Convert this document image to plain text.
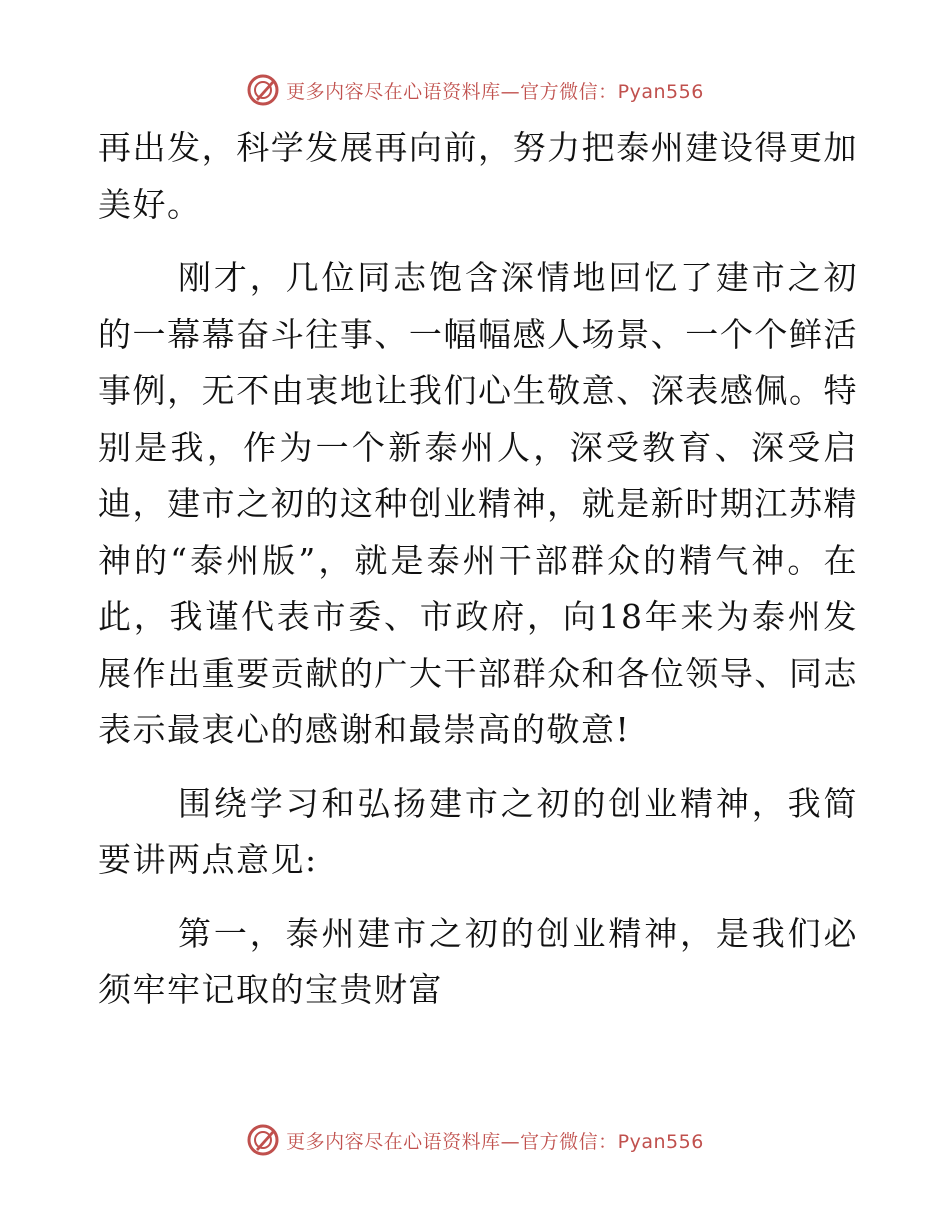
更多内容尽在心语资料库—官方微信：Pyan556

再出发，科学发展再向前，努力把泰州建设得更加美好。

刚才，几位同志饱含深情地回忆了建市之初的一幕幕奋斗往事、一幅幅感人场景、一个个鲜活事例，无不由衷地让我们心生敬意、深表感佩。特别是我，作为一个新泰州人，深受教育、深受启迪，建市之初的这种创业精神，就是新时期江苏精神的“泰州版”，就是泰州干部群众的精气神。在此，我谨代表市委、市政府，向18年来为泰州发展作出重要贡献的广大干部群众和各位领导、同志表示最衷心的感谢和最崇高的敬意!

围绕学习和弘扬建市之初的创业精神，我简要讲两点意见:

第一，泰州建市之初的创业精神，是我们必须牢牢记取的宝贵财富

更多内容尽在心语资料库—官方微信：Pyan556
